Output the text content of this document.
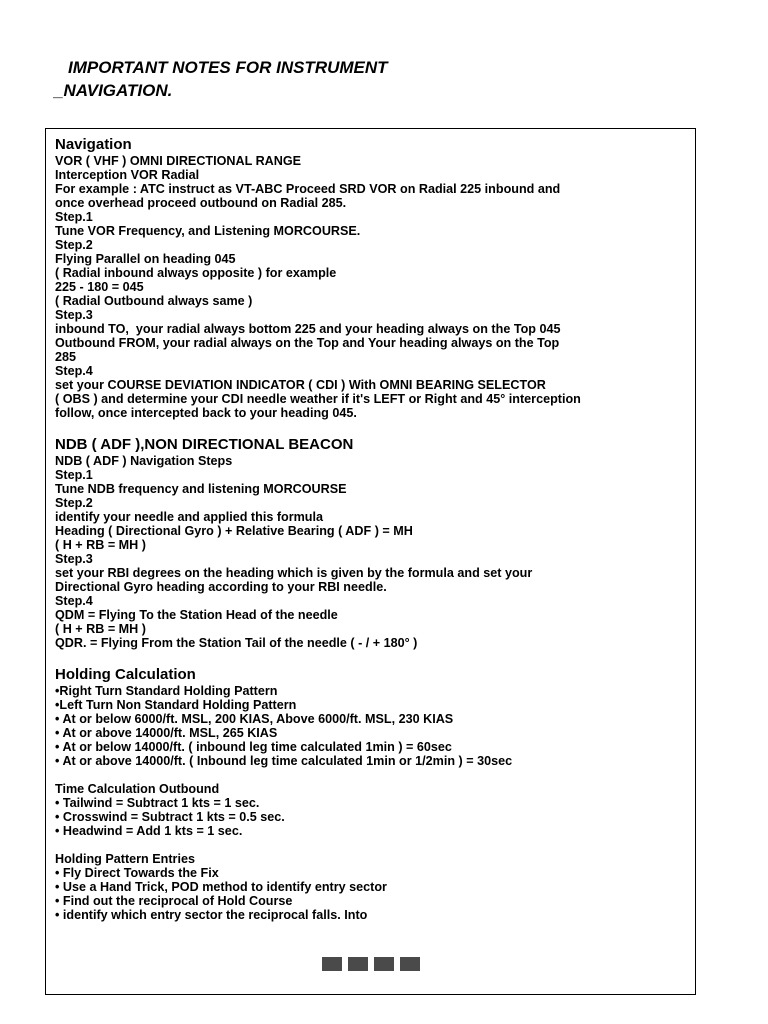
IMPORTANT NOTES FOR INSTRUMENT
_NAVIGATION.
Navigation
VOR ( VHF ) OMNI DIRECTIONAL RANGE
Interception VOR Radial
For example : ATC instruct as VT-ABC Proceed SRD VOR on Radial 225 inbound and
once overhead proceed outbound on Radial 285.
Step.1
Tune VOR Frequency, and Listening MORCOURSE.
Step.2
Flying Parallel on heading 045
( Radial inbound always opposite ) for example
225 - 180 = 045
( Radial Outbound always same )
Step.3
inbound TO,  your radial always bottom 225 and your heading always on the Top 045
Outbound FROM, your radial always on the Top and Your heading always on the Top
285
Step.4
set your COURSE DEVIATION INDICATOR ( CDI ) With OMNI BEARING SELECTOR
( OBS ) and determine your CDI needle weather if it's LEFT or Right and 45° interception
follow, once intercepted back to your heading 045.
NDB ( ADF ),NON DIRECTIONAL BEACON
NDB ( ADF ) Navigation Steps
Step.1
Tune NDB frequency and listening MORCOURSE
Step.2
identify your needle and applied this formula
Heading ( Directional Gyro ) + Relative Bearing ( ADF ) = MH
( H + RB = MH )
Step.3
set your RBI degrees on the heading which is given by the formula and set your
Directional Gyro heading according to your RBI needle.
Step.4
QDM = Flying To the Station Head of the needle
( H + RB = MH )
QDR. = Flying From the Station Tail of the needle ( - / + 180° )
Holding Calculation
•Right Turn Standard Holding Pattern
•Left Turn Non Standard Holding Pattern
• At or below 6000/ft. MSL, 200 KIAS, Above 6000/ft. MSL, 230 KIAS
• At or above 14000/ft. MSL, 265 KIAS
• At or below 14000/ft. ( inbound leg time calculated 1min ) = 60sec
• At or above 14000/ft. ( Inbound leg time calculated 1min or 1/2min ) = 30sec
Time Calculation Outbound
• Tailwind = Subtract 1 kts = 1 sec.
• Crosswind = Subtract 1 kts = 0.5 sec.
• Headwind = Add 1 kts = 1 sec.
Holding Pattern Entries
• Fly Direct Towards the Fix
• Use a Hand Trick, POD method to identify entry sector
• Find out the reciprocal of Hold Course
• identify which entry sector the reciprocal falls. Into
